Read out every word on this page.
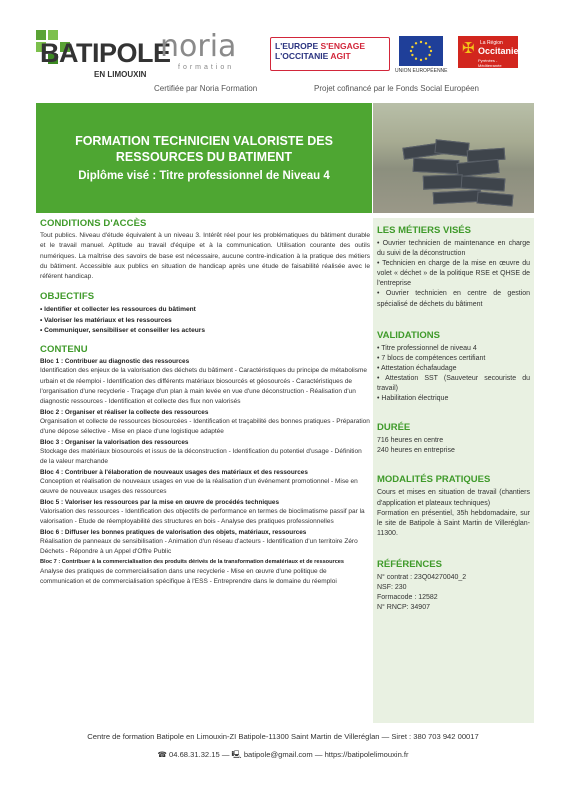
BATIPOLE
EN LIMOUXIN
noria
formation
L'EUROPE S'ENGAGE
L'OCCITANIE AGIT
UNION EUROPÉENNE
✠ La Région
Occitanie
Pyrénées - Méditerranée
Certifiée par Noria Formation	Projet cofinancé par le Fonds Social Européen
FORMATION TECHNICIEN VALORISTE DES
RESSOURCES DU BATIMENT
Diplôme visé : Titre professionnel de Niveau 4
CONDITIONS D'ACCÈS
Tout publics. Niveau d'étude équivalent à un niveau 3. Intérêt réel pour les problématiques du bâtiment durable et le travail manuel. Aptitude au travail d'équipe et à la communication. Utilisation courante des outils numériques. La maîtrise des savoirs de base est nécessaire, aucune contre-indication à la pratique des métiers du bâtiment. Accessible aux publics en situation de handicap après une étude de faisabilité réalisée avec le référent handicap.
OBJECTIFS
• Identifier et collecter les ressources du bâtiment
• Valoriser les matériaux et les ressources
• Communiquer, sensibiliser et conseiller les acteurs
CONTENU
Bloc 1 : Contribuer au diagnostic des ressources
Identification des enjeux de la valorisation des déchets du bâtiment - Caractéristiques du principe de métabolisme urbain et de réemploi - Identification des différents matériaux biosourcés et géosourcés - Caractéristiques de l'organisation d'une recyclerie - Traçage d'un plan à main levée en vue d'une déconstruction - Réalisation d'un diagnostic ressources - Identification et collecte des flux non valorisés
Bloc 2 : Organiser et réaliser la collecte des ressources
Organisation et collecte de ressources biosourcées - Identification et traçabilité des bonnes pratiques - Préparation d'une dépose sélective - Mise en place d'une logistique adaptée
Bloc 3 : Organiser la valorisation des ressources
Stockage des matériaux biosourcés et issus de la déconstruction - Identification du potentiel d'usage - Définition de la valeur marchande
Bloc 4 : Contribuer à l'élaboration de nouveaux usages des matériaux et des ressources
Conception et réalisation de nouveaux usages en vue de la réalisation d'un événement promotionnel - Mise en œuvre de nouveaux usages des ressources
Bloc 5 : Valoriser les ressources par la mise en œuvre de procédés techniques
Valorisation des ressources - Identification des objectifs de performance en termes de bioclimatisme passif par la valorisation - Etude de réemployabilité des structures en bois - Analyse des pratiques professionnelles
Bloc 6 : Diffuser les bonnes pratiques de valorisation des objets, matériaux, ressources
Réalisation de panneaux de sensibilisation - Animation d'un réseau d'acteurs - Identification d'un territoire Zéro Déchets - Répondre à un Appel d'Offre Public
Bloc 7 : Contribuer à la commercialisation des produits dérivés de la transformation dematériaux et de ressources
Analyse des pratiques de commercialisation dans une recyclerie - Mise en œuvre d'une politique de communication et de commercialisation spécifique à l'ESS - Entreprendre dans le domaine du réemploi
LES MÉTIERS VISÉS
• Ouvrier technicien de maintenance en charge du suivi de la déconstruction
• Technicien en charge de la mise en œuvre du volet « déchet » de la politique RSE et QHSE de l'entreprise
• Ouvrier technicien en centre de gestion spécialisé de déchets du bâtiment
VALIDATIONS
• Titre professionnel de niveau 4
• 7 blocs de compétences certifiant
• Attestation échafaudage
• Attestation SST (Sauveteur secouriste du travail)
• Habilitation électrique
DURÉE
716 heures en centre
240 heures en entreprise
MODALITÉS PRATIQUES
Cours et mises en situation de travail (chantiers d'application et plateaux techniques)
Formation en présentiel, 35h hebdomadaire, sur le site de Batipole à Saint Martin de Villeréglan-11300.
RÉFÉRENCES
N° contrat : 23Q04270040_2
NSF: 230
Formacode : 12582
N° RNCP: 34907
Centre de formation Batipole en Limouxin-ZI Batipole-11300 Saint Martin de Villeréglan — Siret : 380 703 942 00017
☎ 04.68.31.32.15 — 🖳 batipole@gmail.com — https://batipolelimouxin.fr
